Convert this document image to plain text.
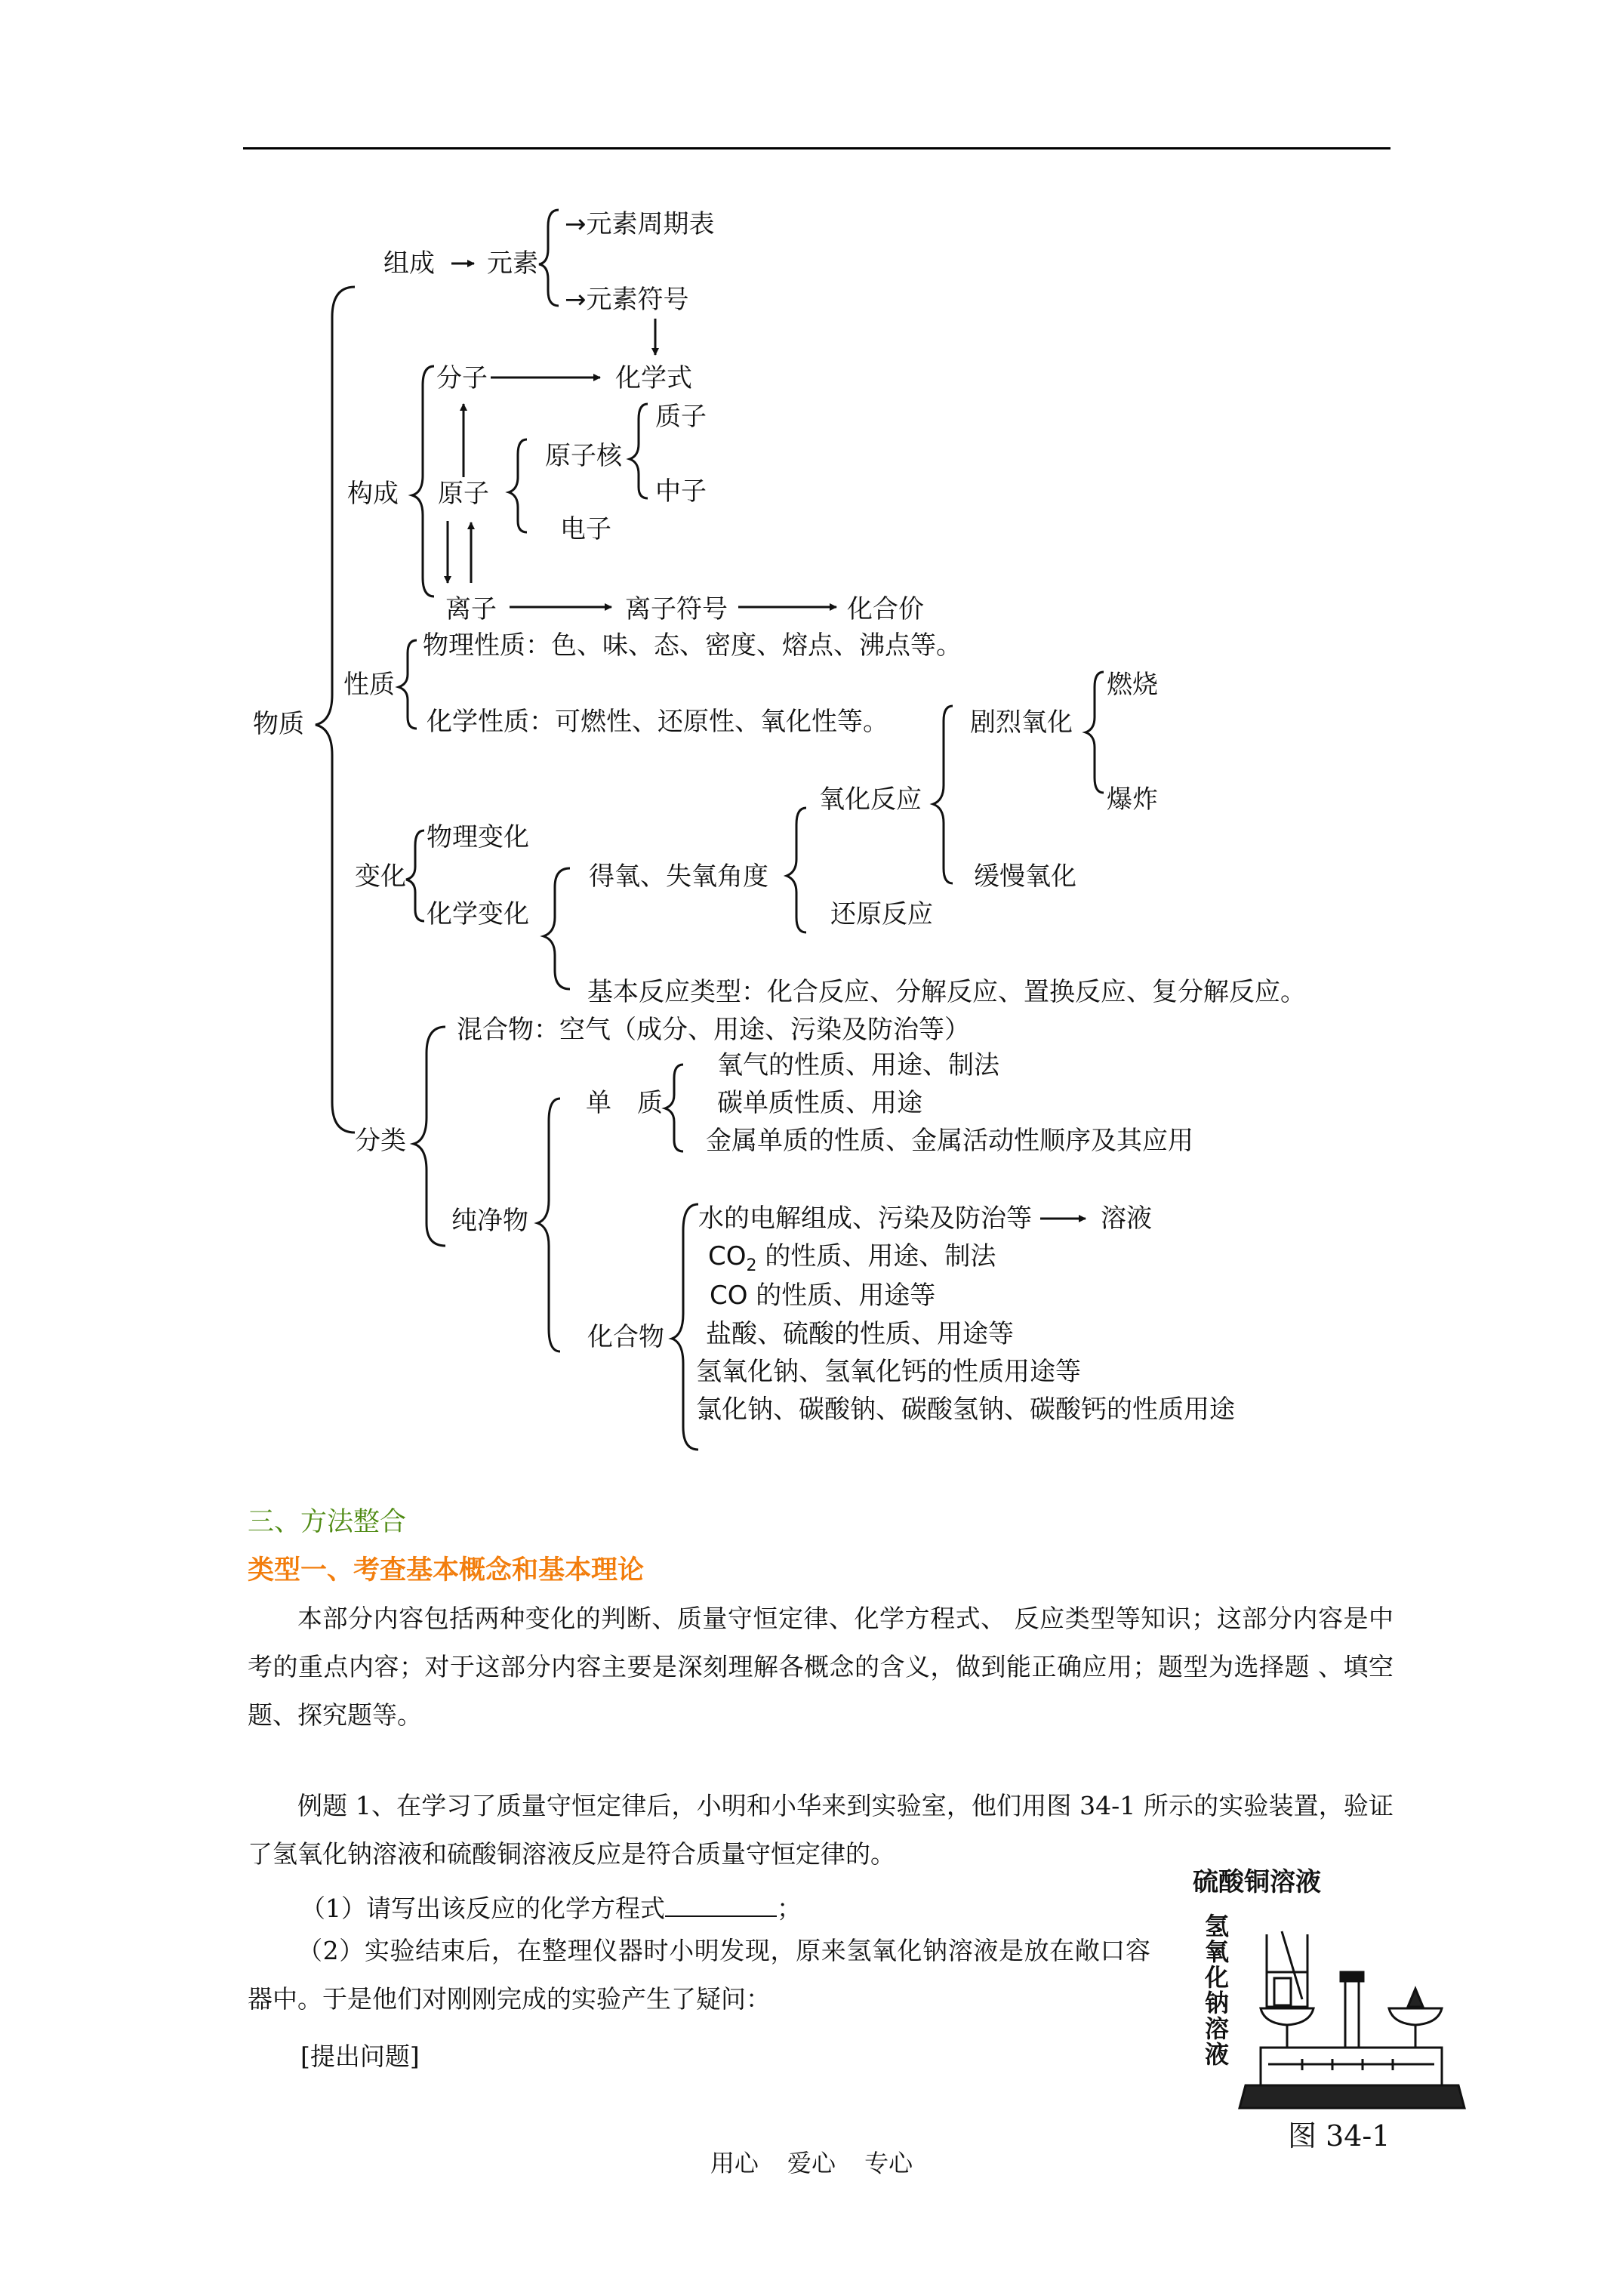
物质
组成 元素
→元素周期表
→元素符号
构成
分子	化学式
原子
原子核
质子
中子
电子
离子	离子符号	化合价
性质
物理性质：色、味、态、密度、熔点、沸点等。
化学性质：可燃性、还原性、氧化性等。
变化
物理变化
化学变化
得氧、失氧角度
氧化反应
还原反应
剧烈氧化
缓慢氧化
燃烧
爆炸
基本反应类型：化合反应、分解反应、置换反应、复分解反应。
分类
混合物：空气（成分、用途、污染及防治等）
纯净物
单　质
氧气的性质、用途、制法
碳单质性质、用途
金属单质的性质、金属活动性顺序及其应用
化合物
水的电解组成、污染及防治等	溶液
$CO_2$ 的性质、用途、制法
CO 的性质、用途等
盐酸、硫酸的性质、用途等
氢氧化钠、氢氧化钙的性质用途等
氯化钠、碳酸钠、碳酸氢钠、碳酸钙的性质用途
三、方法整合
类型一、考查基本概念和基本理论
本部分内容包括两种变化的判断、质量守恒定律、化学方程式、 反应类型等知识；这部分内容是中考的重点内容；对于这部分内容主要是深刻理解各概念的含义，做到能正确应用；题型为选择题 、填空题、探究题等。
例题 1、在学习了质量守恒定律后，小明和小华来到实验室，他们用图 34-1 所示的实验装置，验证了氢氧化钠溶液和硫酸铜溶液反应是符合质量守恒定律的。
（1）请写出该反应的化学方程式	；
（2）实验结束后，在整理仪器时小明发现，原来氢氧化钠溶液是放在敞口容器中。于是他们对刚刚完成的实验产生了疑问：
[提出问题]
硫酸铜溶液
氢氧化钠溶液
图 34-1
用心 爱心 专心
